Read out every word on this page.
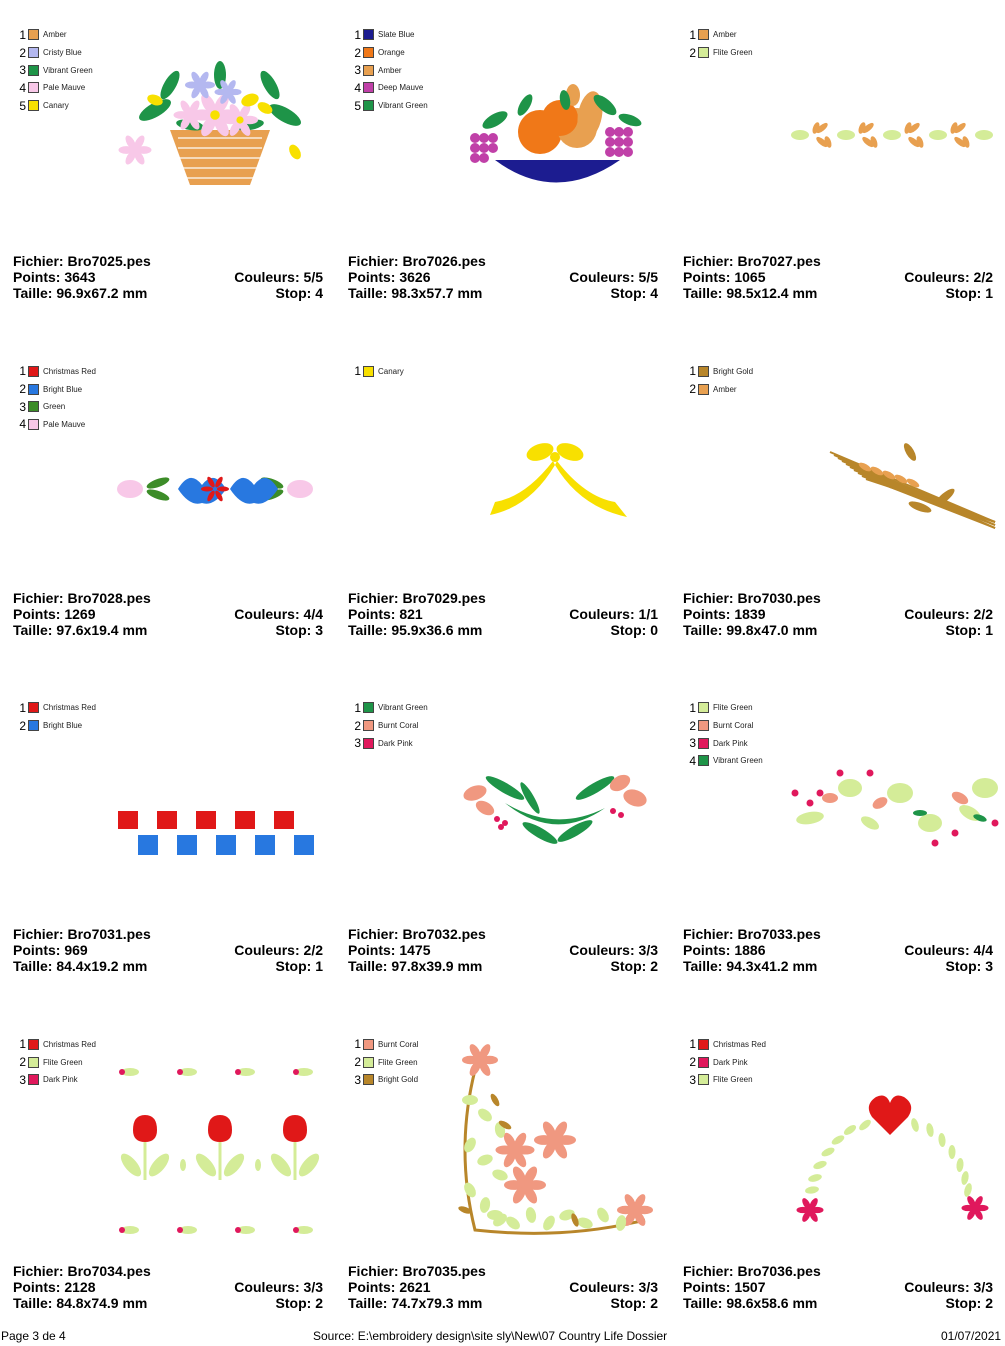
1 Amber
2 Cristy Blue
3 Vibrant Green
4 Pale Mauve
5 Canary
Fichier: Bro7025.pes
Points: 3643	Couleurs: 5/5
Taille: 96.9x67.2 mm	Stop: 4
1 Slate Blue
2 Orange
3 Amber
4 Deep Mauve
5 Vibrant Green
Fichier: Bro7026.pes
Points: 3626	Couleurs: 5/5
Taille: 98.3x57.7 mm	Stop: 4
1 Amber
2 Flite Green
Fichier: Bro7027.pes
Points: 1065	Couleurs: 2/2
Taille: 98.5x12.4 mm	Stop: 1
1 Christmas Red
2 Bright Blue
3 Green
4 Pale Mauve
Fichier: Bro7028.pes
Points: 1269	Couleurs: 4/4
Taille: 97.6x19.4 mm	Stop: 3
1 Canary
Fichier: Bro7029.pes
Points: 821	Couleurs: 1/1
Taille: 95.9x36.6 mm	Stop: 0
1 Bright Gold
2 Amber
Fichier: Bro7030.pes
Points: 1839	Couleurs: 2/2
Taille: 99.8x47.0 mm	Stop: 1
1 Christmas Red
2 Bright Blue
Fichier: Bro7031.pes
Points: 969	Couleurs: 2/2
Taille: 84.4x19.2 mm	Stop: 1
1 Vibrant Green
2 Burnt Coral
3 Dark Pink
Fichier: Bro7032.pes
Points: 1475	Couleurs: 3/3
Taille: 97.8x39.9 mm	Stop: 2
1 Flite Green
2 Burnt Coral
3 Dark Pink
4 Vibrant Green
Fichier: Bro7033.pes
Points: 1886	Couleurs: 4/4
Taille: 94.3x41.2 mm	Stop: 3
1 Christmas Red
2 Flite Green
3 Dark Pink
Fichier: Bro7034.pes
Points: 2128	Couleurs: 3/3
Taille: 84.8x74.9 mm	Stop: 2
1 Burnt Coral
2 Flite Green
3 Bright Gold
Fichier: Bro7035.pes
Points: 2621	Couleurs: 3/3
Taille: 74.7x79.3 mm	Stop: 2
1 Christmas Red
2 Dark Pink
3 Flite Green
Fichier: Bro7036.pes
Points: 1507	Couleurs: 3/3
Taille: 98.6x58.6 mm	Stop: 2
Page 3 de 4	Source: E:\embroidery design\site sly\New\07 Country Life Dossier	01/07/2021
